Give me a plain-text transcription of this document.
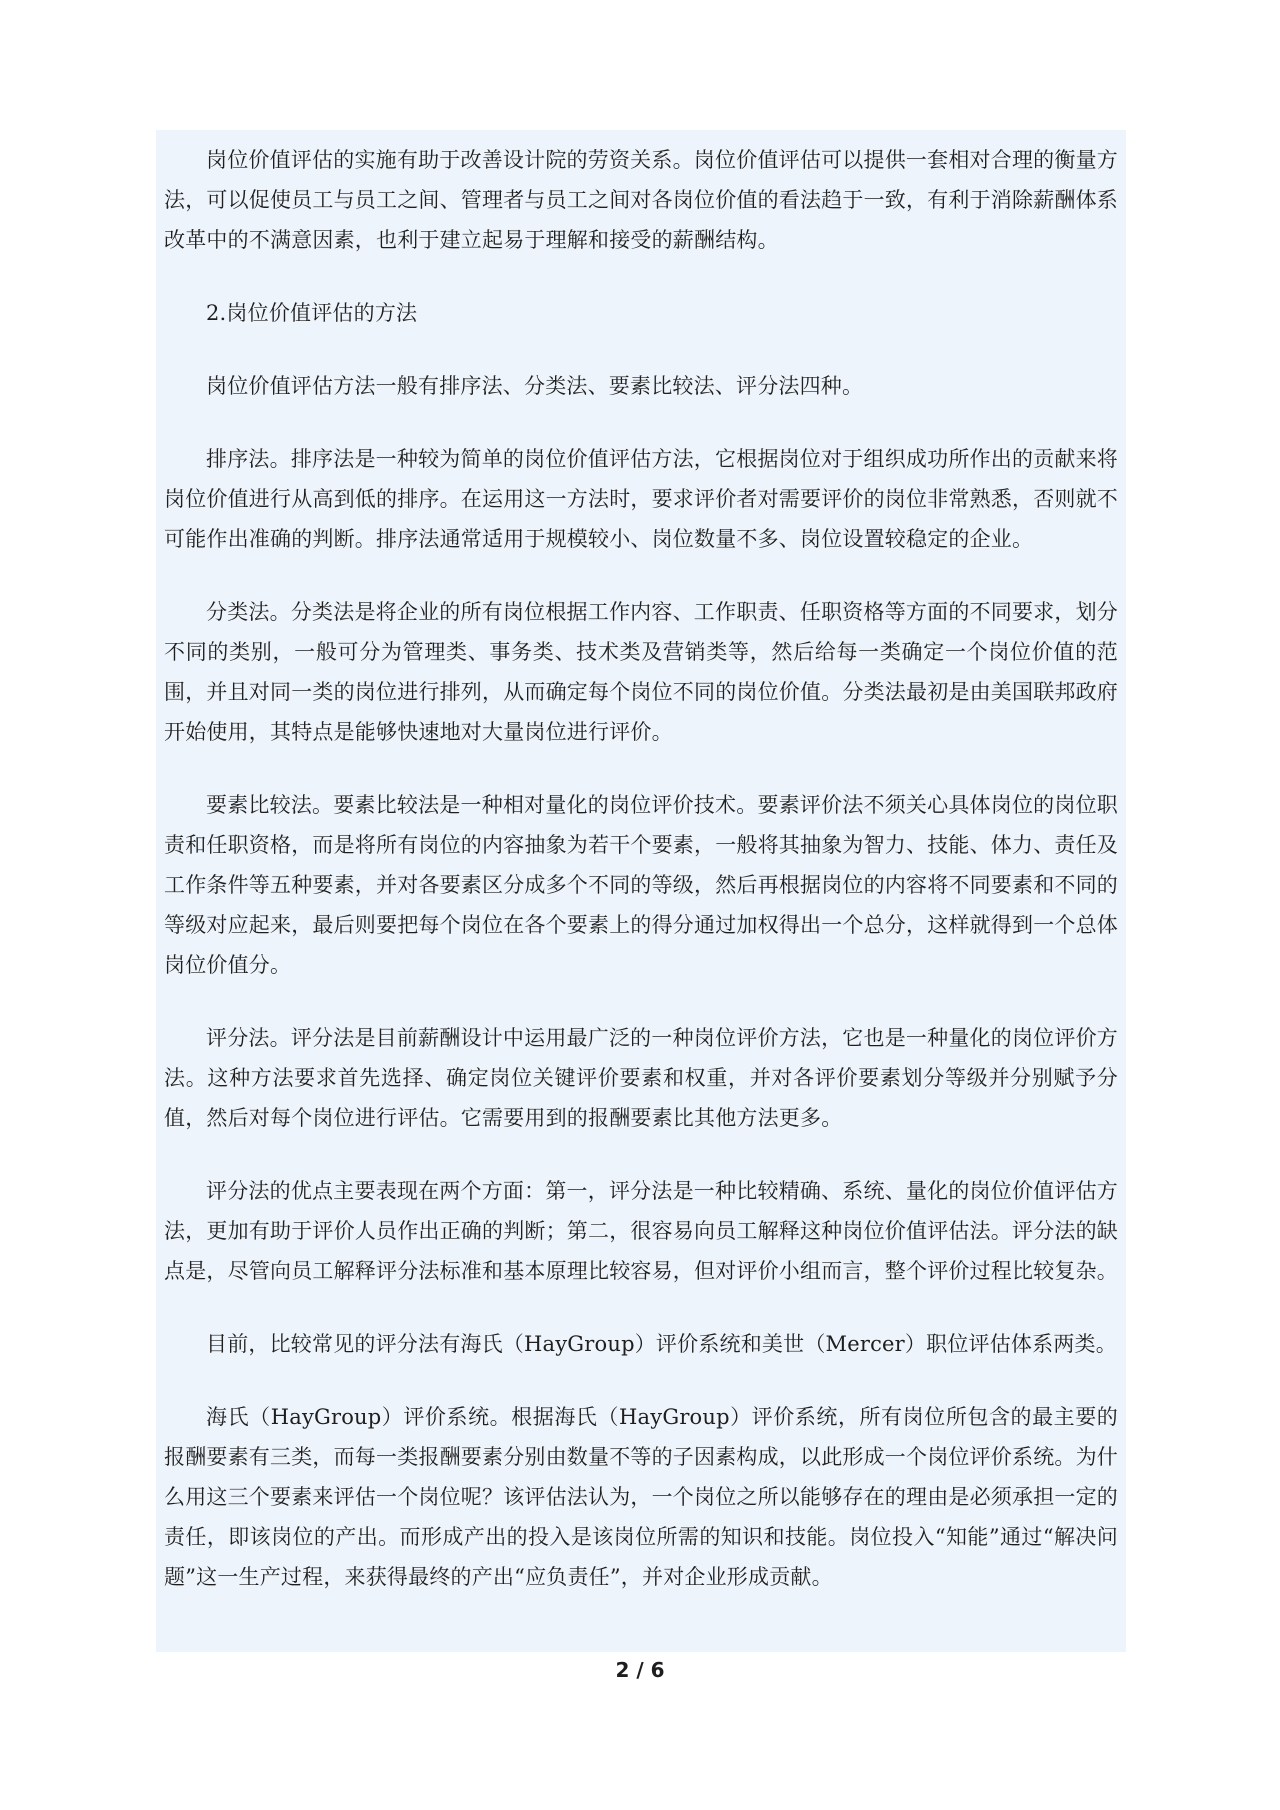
岗位价值评估的实施有助于改善设计院的劳资关系。岗位价值评估可以提供一套相对合理的衡量方法，可以促使员工与员工之间、管理者与员工之间对各岗位价值的看法趋于一致，有利于消除薪酬体系改革中的不满意因素，也利于建立起易于理解和接受的薪酬结构。

2.岗位价值评估的方法

岗位价值评估方法一般有排序法、分类法、要素比较法、评分法四种。

排序法。排序法是一种较为简单的岗位价值评估方法，它根据岗位对于组织成功所作出的贡献来将岗位价值进行从高到低的排序。在运用这一方法时，要求评价者对需要评价的岗位非常熟悉，否则就不可能作出准确的判断。排序法通常适用于规模较小、岗位数量不多、岗位设置较稳定的企业。

分类法。分类法是将企业的所有岗位根据工作内容、工作职责、任职资格等方面的不同要求，划分不同的类别，一般可分为管理类、事务类、技术类及营销类等，然后给每一类确定一个岗位价值的范围，并且对同一类的岗位进行排列，从而确定每个岗位不同的岗位价值。分类法最初是由美国联邦政府开始使用，其特点是能够快速地对大量岗位进行评价。

要素比较法。要素比较法是一种相对量化的岗位评价技术。要素评价法不须关心具体岗位的岗位职责和任职资格，而是将所有岗位的内容抽象为若干个要素，一般将其抽象为智力、技能、体力、责任及工作条件等五种要素，并对各要素区分成多个不同的等级，然后再根据岗位的内容将不同要素和不同的等级对应起来，最后则要把每个岗位在各个要素上的得分通过加权得出一个总分，这样就得到一个总体岗位价值分。

评分法。评分法是目前薪酬设计中运用最广泛的一种岗位评价方法，它也是一种量化的岗位评价方法。这种方法要求首先选择、确定岗位关键评价要素和权重，并对各评价要素划分等级并分别赋予分值，然后对每个岗位进行评估。它需要用到的报酬要素比其他方法更多。

评分法的优点主要表现在两个方面：第一，评分法是一种比较精确、系统、量化的岗位价值评估方法，更加有助于评价人员作出正确的判断；第二，很容易向员工解释这种岗位价值评估法。评分法的缺点是，尽管向员工解释评分法标准和基本原理比较容易，但对评价小组而言，整个评价过程比较复杂。

目前，比较常见的评分法有海氏（HayGroup）评价系统和美世（Mercer）职位评估体系两类。

海氏（HayGroup）评价系统。根据海氏（HayGroup）评价系统，所有岗位所包含的最主要的报酬要素有三类，而每一类报酬要素分别由数量不等的子因素构成，以此形成一个岗位评价系统。为什么用这三个要素来评估一个岗位呢？该评估法认为，一个岗位之所以能够存在的理由是必须承担一定的责任，即该岗位的产出。而形成产出的投入是该岗位所需的知识和技能。岗位投入“知能”通过“解决问题”这一生产过程，来获得最终的产出“应负责任”，并对企业形成贡献。

2 / 6
